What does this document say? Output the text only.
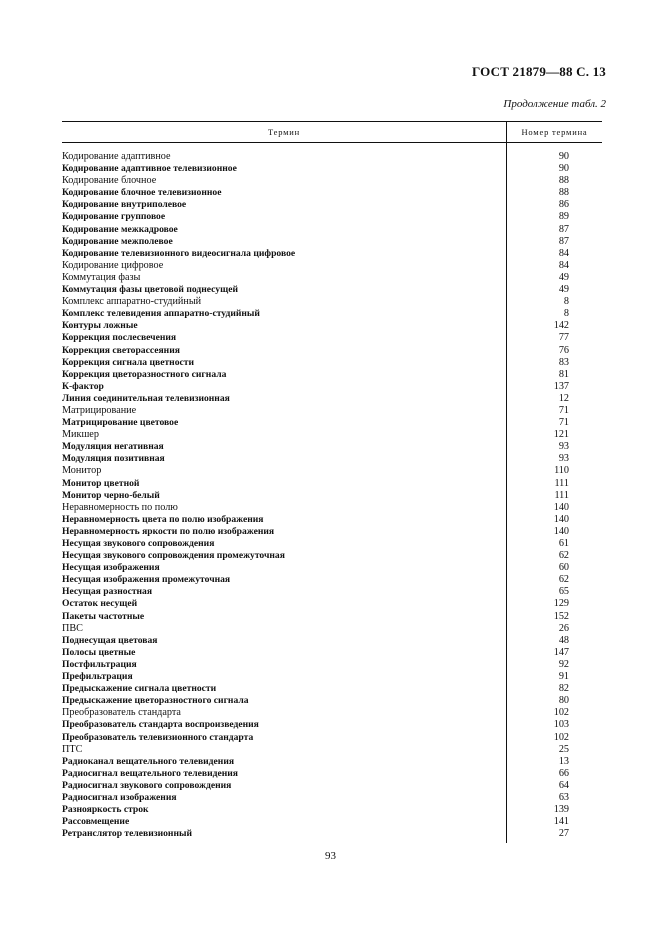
ГОСТ 21879—88 С. 13
Продолжение табл. 2
Термин	Номер термина
Кодирование адаптивное	90
Кодирование адаптивное телевизионное	90
Кодирование блочное	88
Кодирование блочное телевизионное	88
Кодирование внутриполевое	86
Кодирование групповое	89
Кодирование межкадровое	87
Кодирование межполевое	87
Кодирование телевизионного видеосигнала цифровое	84
Кодирование цифровое	84
Коммутация фазы	49
Коммутация фазы цветовой поднесущей	49
Комплекс аппаратно-студийный	8
Комплекс телевидения аппаратно-студийный	8
Контуры ложные	142
Коррекция послесвечения	77
Коррекция светорассеяния	76
Коррекция сигнала цветности	83
Коррекция цветоразностного сигнала	81
К-фактор	137
Линия соединительная телевизионная	12
Матрицирование	71
Матрицирование цветовое	71
Микшер	121
Модуляция негативная	93
Модуляция позитивная	93
Монитор	110
Монитор цветной	111
Монитор черно-белый	111
Неравномерность по полю	140
Неравномерность цвета по полю изображения	140
Неравномерность яркости по полю изображения	140
Несущая звукового сопровождения	61
Несущая звукового сопровождения промежуточная	62
Несущая изображения	60
Несущая изображения промежуточная	62
Несущая разностная	65
Остаток несущей	129
Пакеты частотные	152
ПВС	26
Поднесущая цветовая	48
Полосы цветные	147
Постфильтрация	92
Префильтрация	91
Предыскажение сигнала цветности	82
Предыскажение цветоразностного сигнала	80
Преобразователь стандарта	102
Преобразователь стандарта воспроизведения	103
Преобразователь телевизионного стандарта	102
ПТС	25
Радиоканал вещательного телевидения	13
Радиосигнал вещательного телевидения	66
Радиосигнал звукового сопровождения	64
Радиосигнал изображения	63
Разнояркость строк	139
Рассовмещение	141
Ретранслятор телевизионный	27
93
